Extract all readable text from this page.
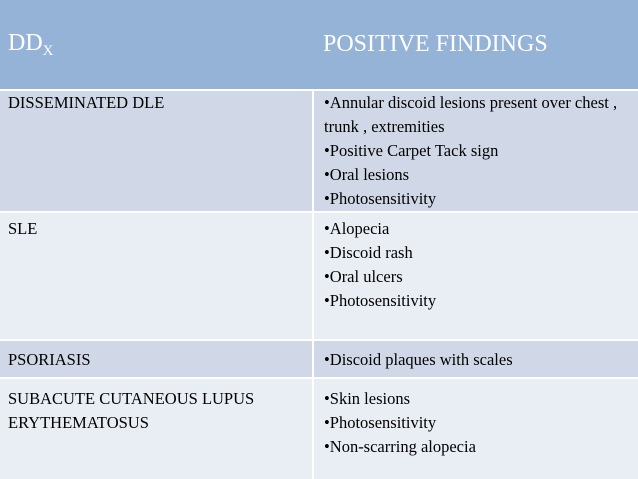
$DD_X$	POSITIVE FINDINGS
DISSEMINATED DLE	•Annular discoid lesions present over chest , trunk , extremities
•Positive Carpet Tack sign
•Oral lesions
•Photosensitivity

SLE	•Alopecia
•Discoid rash
•Oral ulcers
•Photosensitivity

PSORIASIS	•Discoid plaques with scales

SUBACUTE CUTANEOUS LUPUS ERYTHEMATOSUS	•Skin lesions
•Photosensitivity
•Non-scarring alopecia
